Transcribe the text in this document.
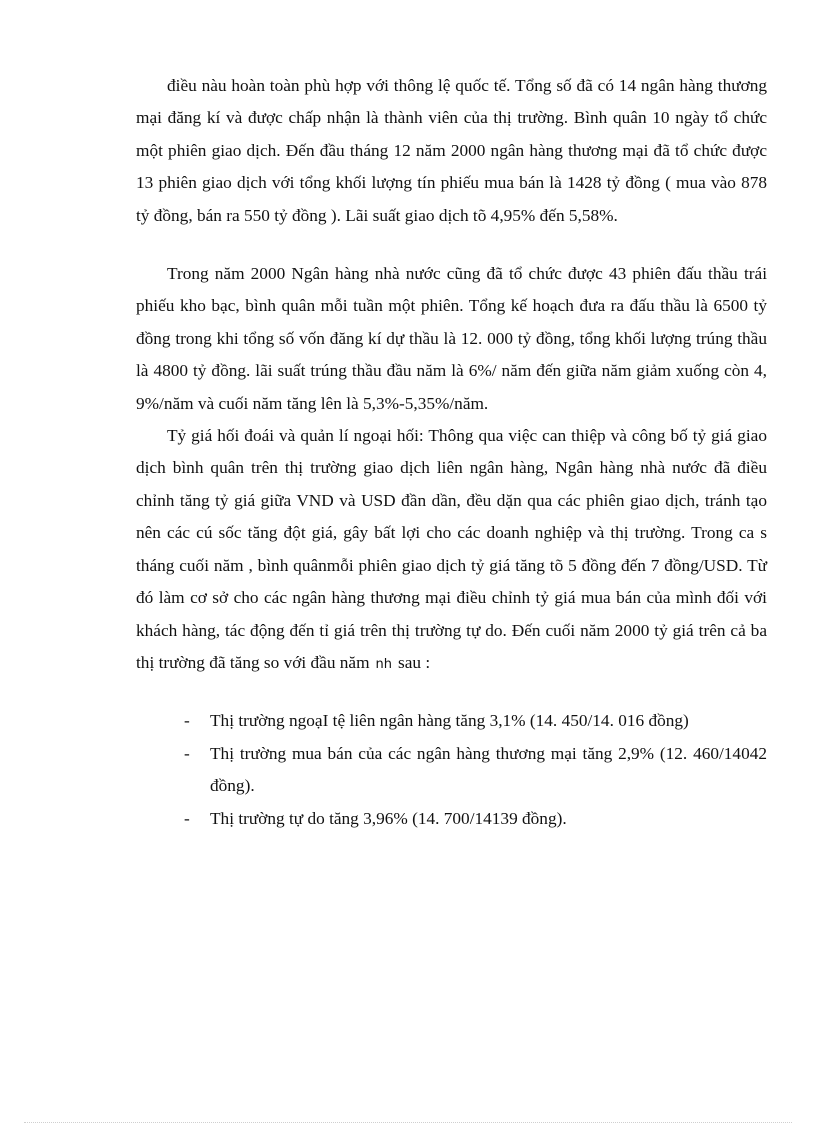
điều nàu hoàn toàn phù hợp với thông lệ quốc tế. Tổng số đã có 14 ngân hàng thương mại đăng kí và được chấp nhận là thành viên của thị trường. Bình quân 10 ngày tổ chức một phiên giao dịch. Đến đầu tháng 12 năm 2000 ngân hàng thương mại đã tổ chức được 13 phiên giao dịch với tổng khối lượng tín phiếu mua bán là 1428 tỷ đồng ( mua vào 878 tỷ đồng, bán ra 550 tỷ đồng ). Lãi suất giao dịch tõ 4,95% đến 5,58%.

Trong năm 2000 Ngân hàng nhà nước cũng đã tổ chức được 43 phiên đấu thầu trái phiếu kho bạc, bình quân mỗi tuần một phiên. Tổng kế hoạch đưa ra đấu thầu là 6500 tỷ đồng trong khi tổng số vốn đăng kí dự thầu là 12. 000 tỷ đồng, tổng khối lượng trúng thầu là 4800 tỷ đồng. lãi suất trúng thầu đầu năm là 6%/ năm đến giữa năm giảm xuống còn 4, 9%/năm và cuối năm tăng lên là 5,3%-5,35%/năm.

Tỷ giá hối đoái và quản lí ngoại hối: Thông qua việc can thiệp và công bố tỷ giá giao dịch bình quân trên thị trường giao dịch liên ngân hàng, Ngân hàng nhà nước đã điều chỉnh tăng tỷ giá giữa VND và USD đần dần, đều dặn qua các phiên giao dịch, tránh tạo nên các cú sốc tăng đột giá, gây bất lợi cho các doanh nghiệp và thị trường. Trong ca s tháng cuối năm , bình quânmỗi phiên giao dịch tỷ giá tăng tõ 5 đồng đến 7 đồng/USD. Từ đó làm cơ sở cho các ngân hàng thương mại điều chỉnh tỷ giá mua bán của mình đối với khách hàng, tác động đến tỉ giá trên thị trường tự do. Đến cuối năm 2000 tỷ giá trên cả ba thị trường đã tăng so với đầu năm nh sau :

- Thị trường ngoạI tệ liên ngân hàng tăng 3,1% (14. 450/14. 016 đồng)
- Thị trường mua bán của các ngân hàng thương mại tăng 2,9% (12. 460/14042 đồng).
- Thị trường tự do tăng 3,96% (14. 700/14139 đồng).
